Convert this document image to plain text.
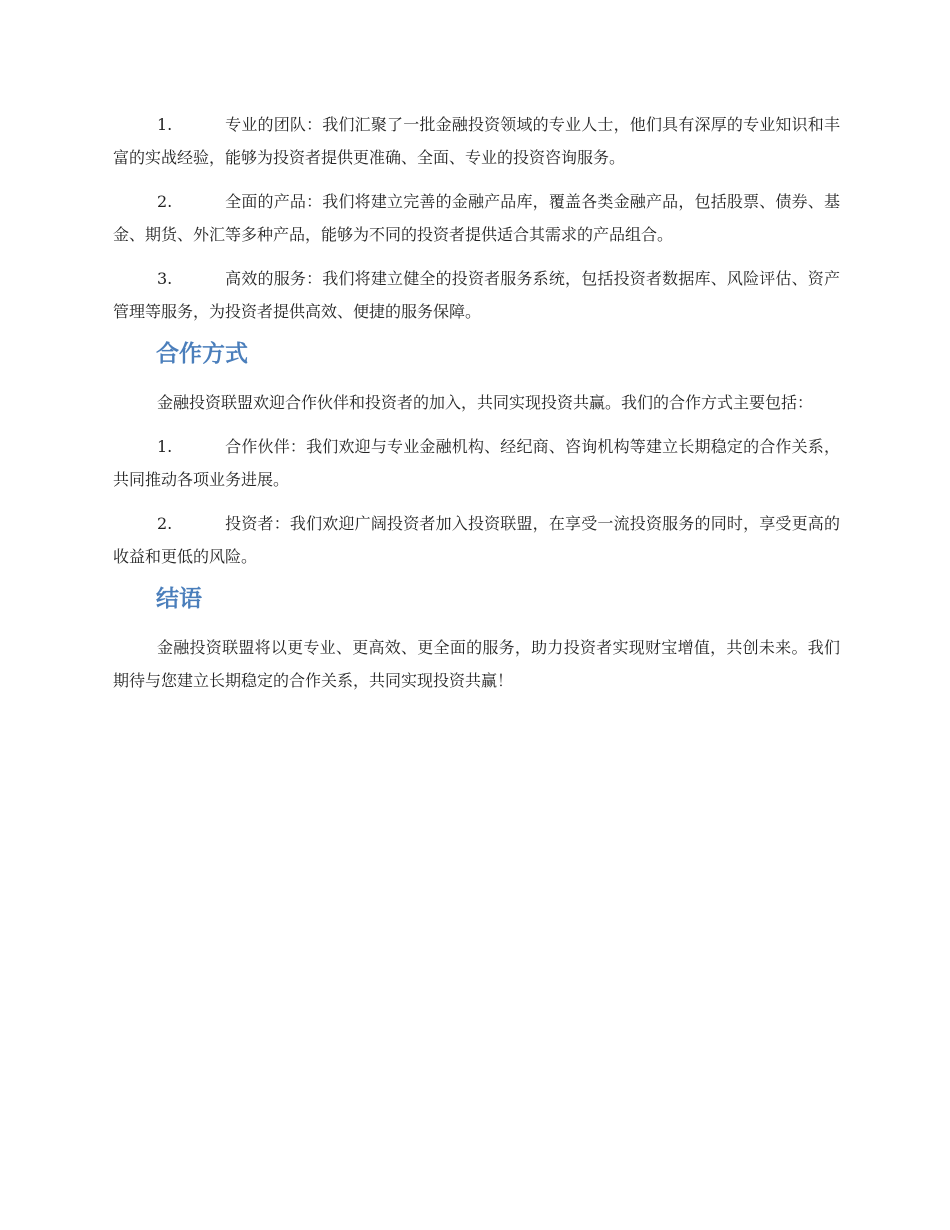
1.	专业的团队：我们汇聚了一批金融投资领域的专业人士，他们具有深厚的专业知识和丰富的实战经验，能够为投资者提供更准确、全面、专业的投资咨询服务。

2.	全面的产品：我们将建立完善的金融产品库，覆盖各类金融产品，包括股票、债券、基金、期货、外汇等多种产品，能够为不同的投资者提供适合其需求的产品组合。

3.	高效的服务：我们将建立健全的投资者服务系统，包括投资者数据库、风险评估、资产管理等服务，为投资者提供高效、便捷的服务保障。

合作方式

金融投资联盟欢迎合作伙伴和投资者的加入，共同实现投资共赢。我们的合作方式主要包括：

1.	合作伙伴：我们欢迎与专业金融机构、经纪商、咨询机构等建立长期稳定的合作关系，共同推动各项业务进展。

2.	投资者：我们欢迎广阔投资者加入投资联盟，在享受一流投资服务的同时，享受更高的收益和更低的风险。

结语

金融投资联盟将以更专业、更高效、更全面的服务，助力投资者实现财宝增值，共创未来。我们期待与您建立长期稳定的合作关系，共同实现投资共赢！
